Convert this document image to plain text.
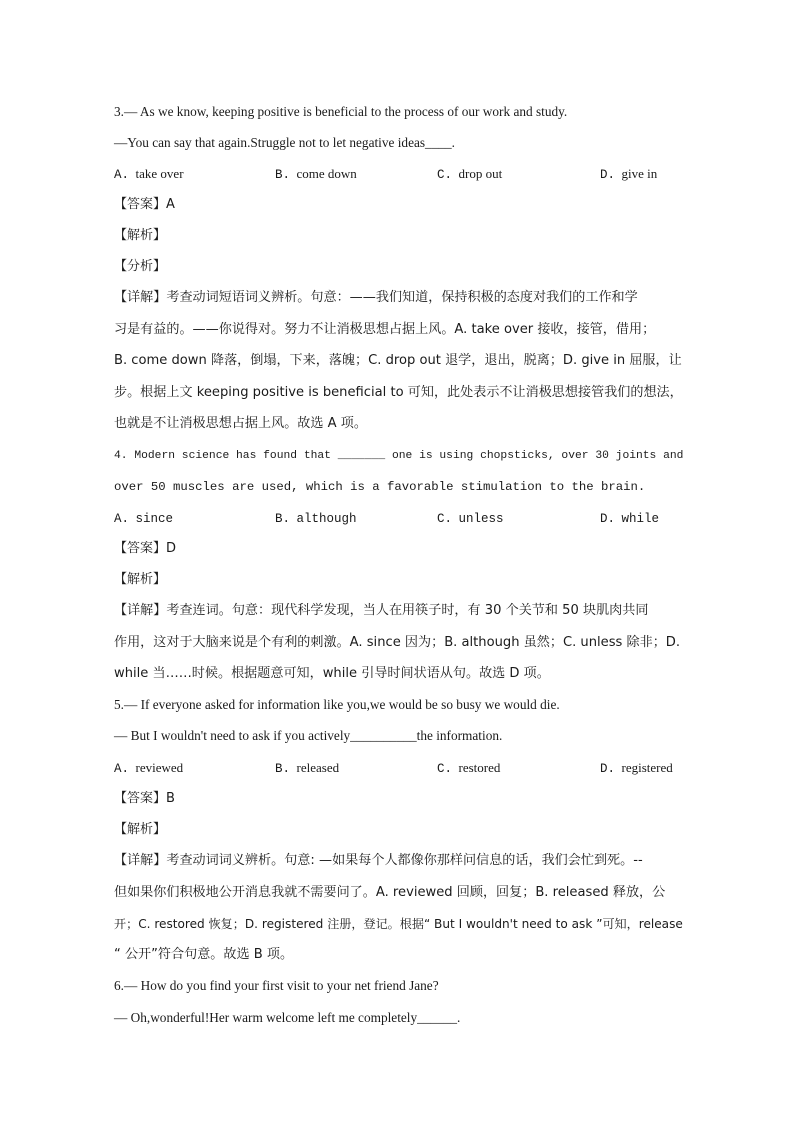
3.— As we know, keeping positive is beneficial to the process of our work and study.
—You can say that again.Struggle not to let negative ideas____.
A. take over	B. come down	C. drop out	D. give in
【答案】A
【解析】
【分析】
【详解】考查动词短语词义辨析。句意：——我们知道，保持积极的态度对我们的工作和学
习是有益的。——你说得对。努力不让消极思想占据上风。A. take over 接收，接管，借用；
B. come down 降落，倒塌，下来，落魄；C. drop out 退学，退出，脱离；D. give in 屈服，让
步。根据上文 keeping positive is beneficial to 可知，此处表示不让消极思想接管我们的想法，
也就是不让消极思想占据上风。故选 A 项。
4. Modern science has found that _______ one is using chopsticks, over 30 joints and
over 50 muscles are used, which is a favorable stimulation to the brain.
A. since	B. although	C. unless	D. while
【答案】D
【解析】
【详解】考查连词。句意：现代科学发现，当人在用筷子时，有 30 个关节和 50 块肌肉共同
作用，这对于大脑来说是个有利的刺激。A. since 因为；B. although 虽然；C. unless 除非；D.
while 当……时候。根据题意可知，while 引导时间状语从句。故选 D 项。
5.— If everyone asked for information like you,we would be so busy we would die.
— But I wouldn't need to ask if you actively__________the information.
A. reviewed	B. released	C. restored	D. registered
【答案】B
【解析】
【详解】考查动词词义辨析。句意: —如果每个人都像你那样问信息的话，我们会忙到死。--
但如果你们积极地公开消息我就不需要问了。A. reviewed 回顾，回复；B. released 释放，公
开；C. restored 恢复；D. registered 注册，登记。根据“ But I wouldn't need to ask ”可知，release
“ 公开”符合句意。故选 B 项。
6.— How do you find your first visit to your net friend Jane?
— Oh,wonderful!Her warm welcome left me completely______.
